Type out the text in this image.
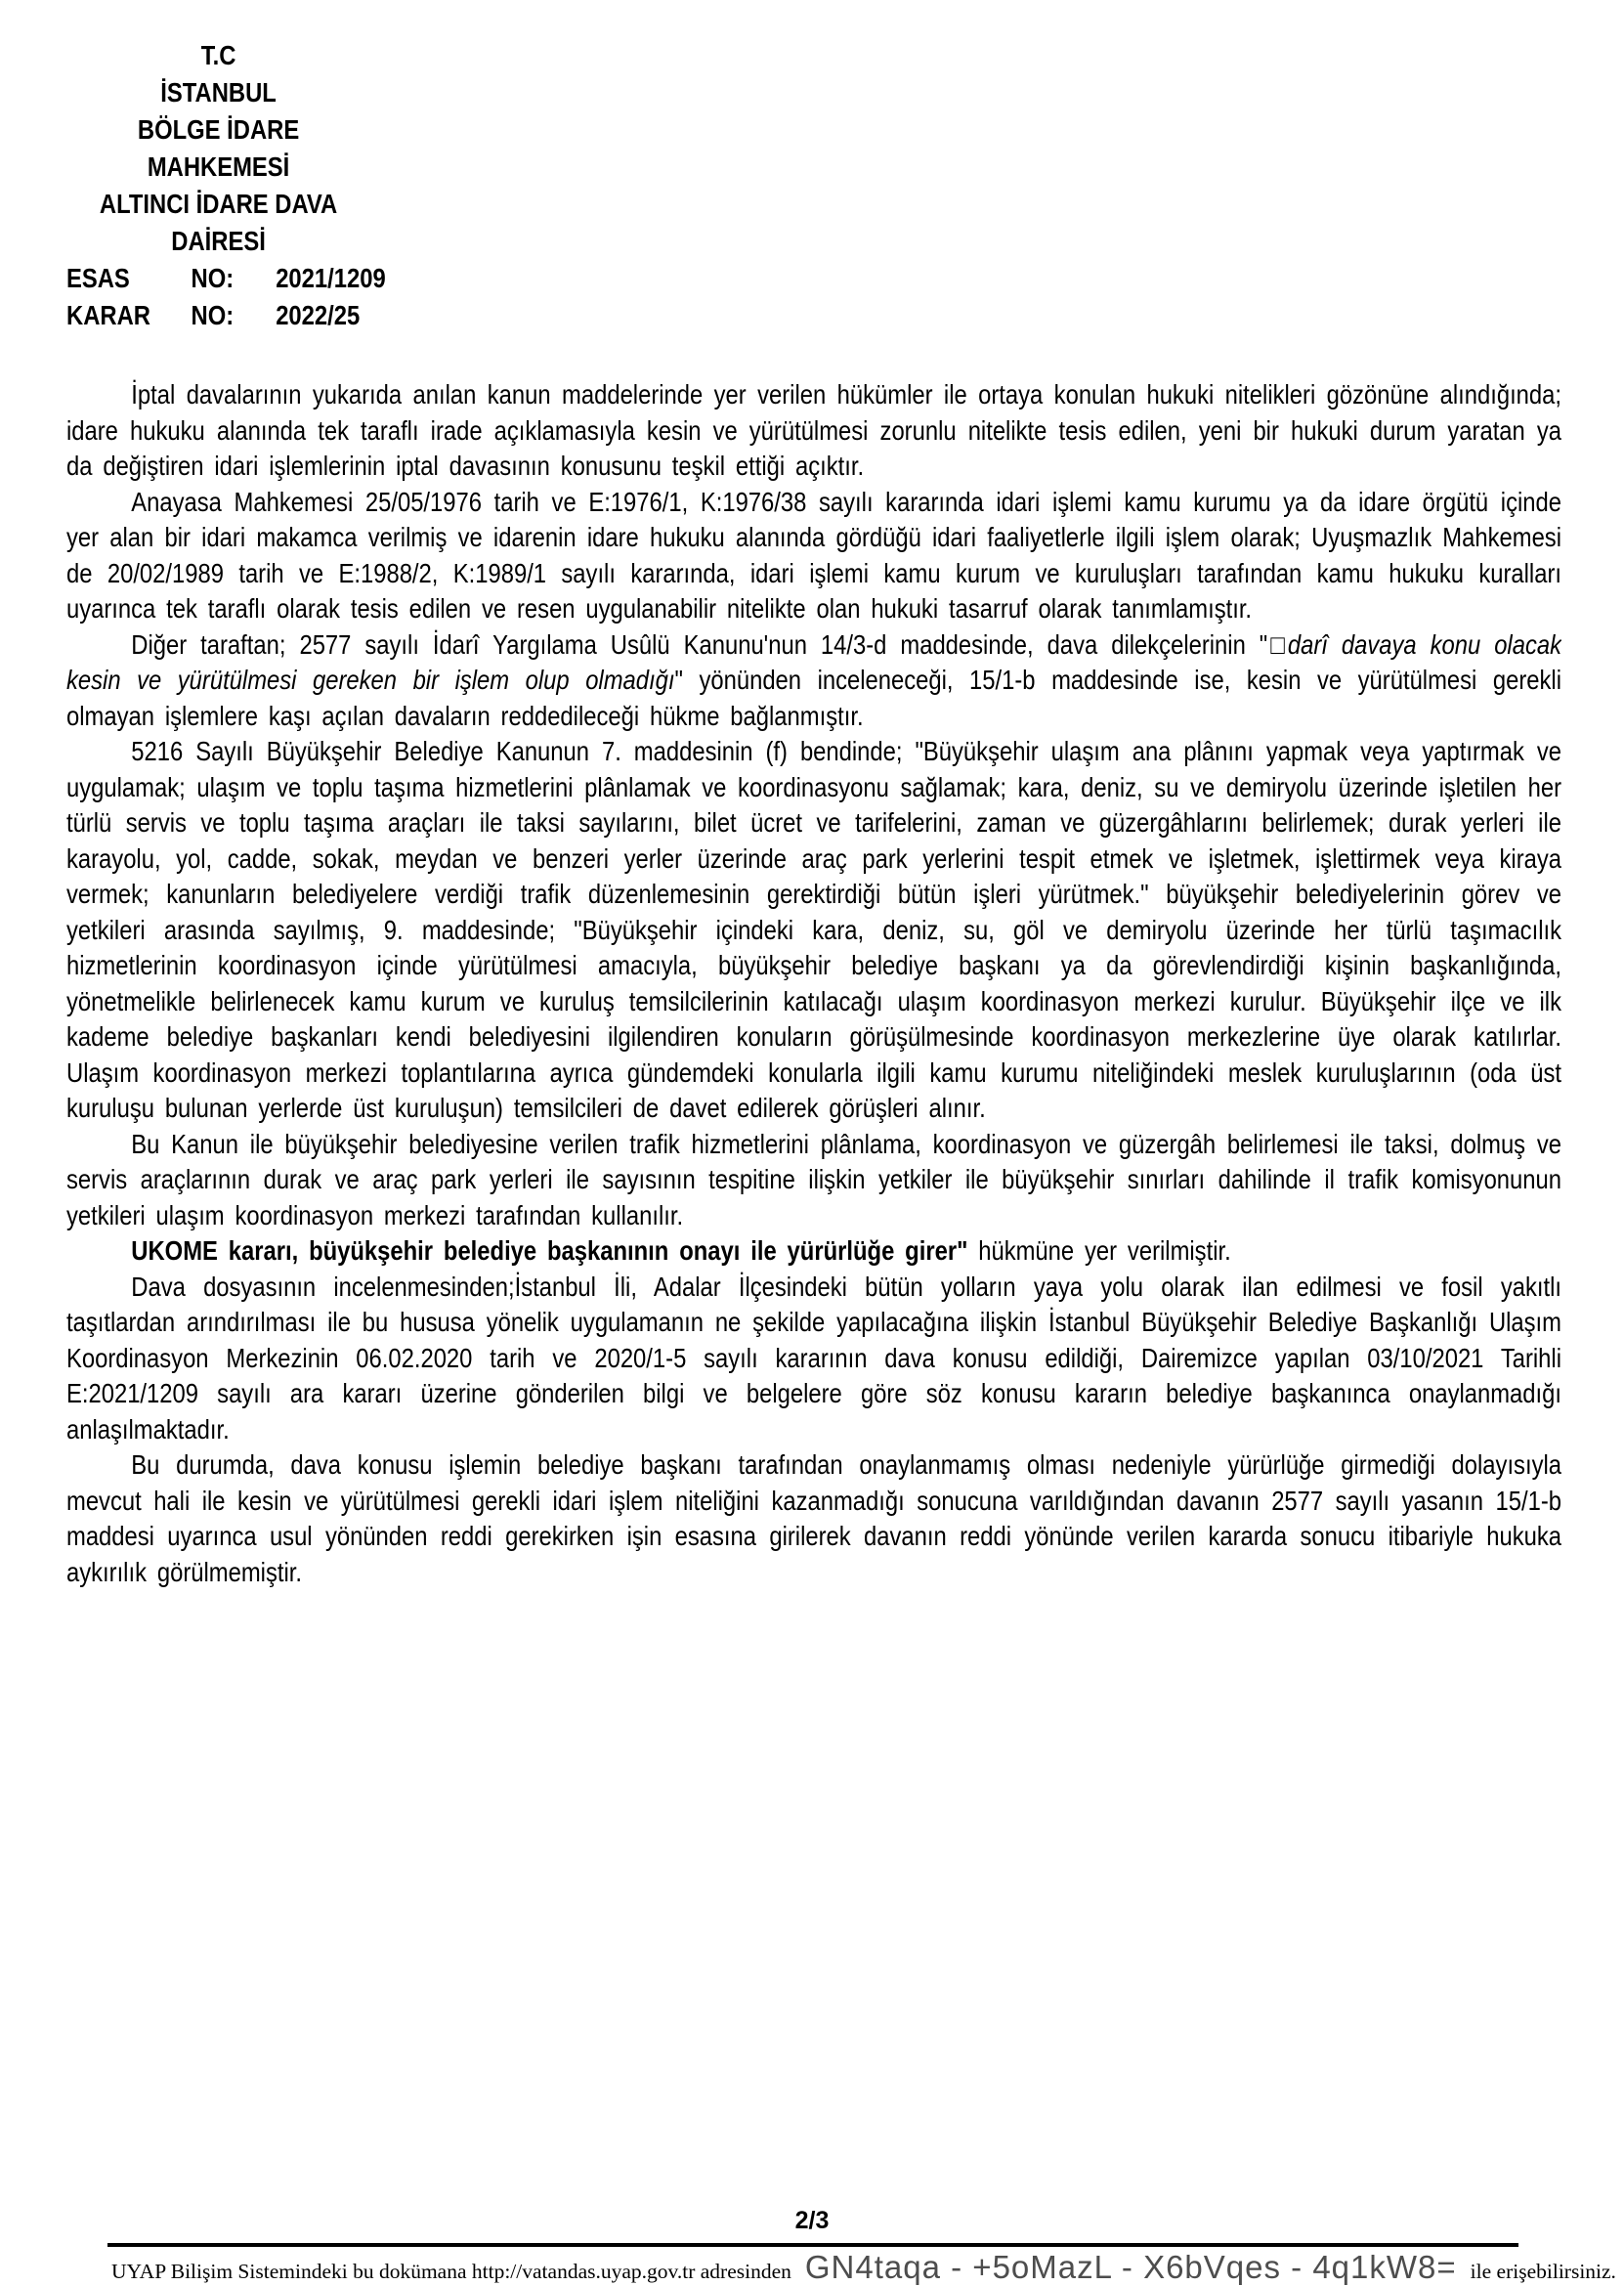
T.C
İSTANBUL
BÖLGE İDARE MAHKEMESİ
ALTINCI İDARE DAVA DAİRESİ
ESAS	NO:	2021/1209
KARAR	NO:	2022/25

İptal davalarının yukarıda anılan kanun maddelerinde yer verilen hükümler ile ortaya konulan hukuki nitelikleri gözönüne alındığında; idare hukuku alanında tek taraflı irade açıklamasıyla kesin ve yürütülmesi zorunlu nitelikte tesis edilen, yeni bir hukuki durum yaratan ya da değiştiren idari işlemlerinin iptal davasının konusunu teşkil ettiği açıktır.

Anayasa Mahkemesi 25/05/1976 tarih ve E:1976/1, K:1976/38 sayılı kararında idari işlemi kamu kurumu ya da idare örgütü içinde yer alan bir idari makamca verilmiş ve idarenin idare hukuku alanında gördüğü idari faaliyetlerle ilgili işlem olarak; Uyuşmazlık Mahkemesi de 20/02/1989 tarih ve E:1988/2, K:1989/1 sayılı kararında, idari işlemi kamu kurum ve kuruluşları tarafından kamu hukuku kuralları uyarınca tek taraflı olarak tesis edilen ve resen uygulanabilir nitelikte olan hukuki tasarruf olarak tanımlamıştır.

Diğer taraftan; 2577 sayılı İdarî Yargılama Usûlü Kanunu'nun 14/3-d maddesinde, dava dilekçelerinin "□darî davaya konu olacak kesin ve yürütülmesi gereken bir işlem olup olmadığı" yönünden inceleneceği, 15/1-b maddesinde ise, kesin ve yürütülmesi gerekli olmayan işlemlere kaşı açılan davaların reddedileceği hükme bağlanmıştır.

5216 Sayılı Büyükşehir Belediye Kanunun 7. maddesinin (f) bendinde; "Büyükşehir ulaşım ana plânını yapmak veya yaptırmak ve uygulamak; ulaşım ve toplu taşıma hizmetlerini plânlamak ve koordinasyonu sağlamak; kara, deniz, su ve demiryolu üzerinde işletilen her türlü servis ve toplu taşıma araçları ile taksi sayılarını, bilet ücret ve tarifelerini, zaman ve güzergâhlarını belirlemek; durak yerleri ile karayolu, yol, cadde, sokak, meydan ve benzeri yerler üzerinde araç park yerlerini tespit etmek ve işletmek, işlettirmek veya kiraya vermek; kanunların belediyelere verdiği trafik düzenlemesinin gerektirdiği bütün işleri yürütmek." büyükşehir belediyelerinin görev ve yetkileri arasında sayılmış, 9. maddesinde; "Büyükşehir içindeki kara, deniz, su, göl ve demiryolu üzerinde her türlü taşımacılık hizmetlerinin koordinasyon içinde yürütülmesi amacıyla, büyükşehir belediye başkanı ya da görevlendirdiği kişinin başkanlığında, yönetmelikle belirlenecek kamu kurum ve kuruluş temsilcilerinin katılacağı ulaşım koordinasyon merkezi kurulur. Büyükşehir ilçe ve ilk kademe belediye başkanları kendi belediyesini ilgilendiren konuların görüşülmesinde koordinasyon merkezlerine üye olarak katılırlar. Ulaşım koordinasyon merkezi toplantılarına ayrıca gündemdeki konularla ilgili kamu kurumu niteliğindeki meslek kuruluşlarının (oda üst kuruluşu bulunan yerlerde üst kuruluşun) temsilcileri de davet edilerek görüşleri alınır.

Bu Kanun ile büyükşehir belediyesine verilen trafik hizmetlerini plânlama, koordinasyon ve güzergâh belirlemesi ile taksi, dolmuş ve servis araçlarının durak ve araç park yerleri ile sayısının tespitine ilişkin yetkiler ile büyükşehir sınırları dahilinde il trafik komisyonunun yetkileri ulaşım koordinasyon merkezi tarafından kullanılır.

UKOME kararı, büyükşehir belediye başkanının onayı ile yürürlüğe girer" hükmüne yer verilmiştir.

Dava dosyasının incelenmesinden;İstanbul İli, Adalar İlçesindeki bütün yolların yaya yolu olarak ilan edilmesi ve fosil yakıtlı taşıtlardan arındırılması ile bu hususa yönelik uygulamanın ne şekilde yapılacağına ilişkin İstanbul Büyükşehir Belediye Başkanlığı Ulaşım Koordinasyon Merkezinin 06.02.2020 tarih ve 2020/1-5 sayılı kararının dava konusu edildiği, Dairemizce yapılan 03/10/2021 Tarihli E:2021/1209 sayılı ara kararı üzerine gönderilen bilgi ve belgelere göre söz konusu kararın belediye başkanınca onaylanmadığı anlaşılmaktadır.

Bu durumda, dava konusu işlemin belediye başkanı tarafından onaylanmamış olması nedeniyle yürürlüğe girmediği dolayısıyla mevcut hali ile kesin ve yürütülmesi gerekli idari işlem niteliğini kazanmadığı sonucuna varıldığından davanın 2577 sayılı yasanın 15/1-b maddesi uyarınca usul yönünden reddi gerekirken işin esasına girilerek davanın reddi yönünde verilen kararda sonucu itibariyle hukuka aykırılık görülmemiştir.

2/3
UYAP Bilişim Sistemindeki bu dokümana http://vatandas.uyap.gov.tr adresinden GN4taqa - +5oMazL - X6bVqes - 4q1kW8= ile erişebilirsiniz.
